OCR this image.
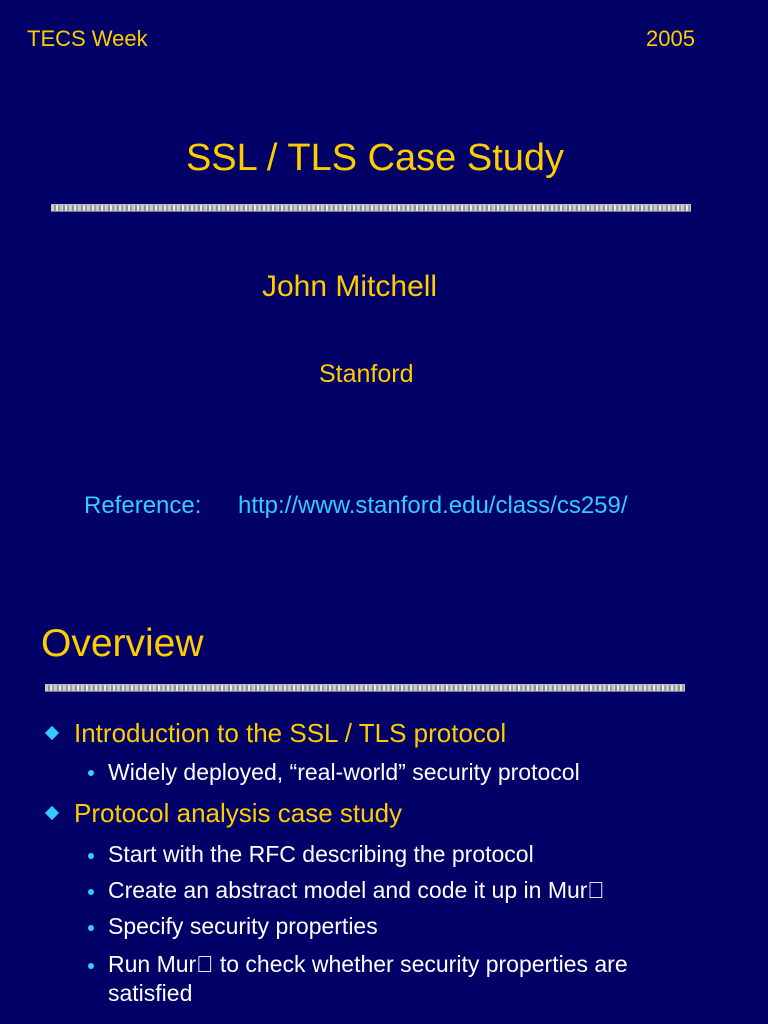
TECS Week	2005
SSL / TLS Case Study
John Mitchell
Stanford
Reference: http://www.stanford.edu/class/cs259/
Overview
Introduction to the SSL / TLS protocol
Widely deployed, “real-world” security protocol
Protocol analysis case study
Start with the RFC describing the protocol
Create an abstract model and code it up in Mur 
Specify security properties
Run Mur  to check whether security properties are
satisfied
